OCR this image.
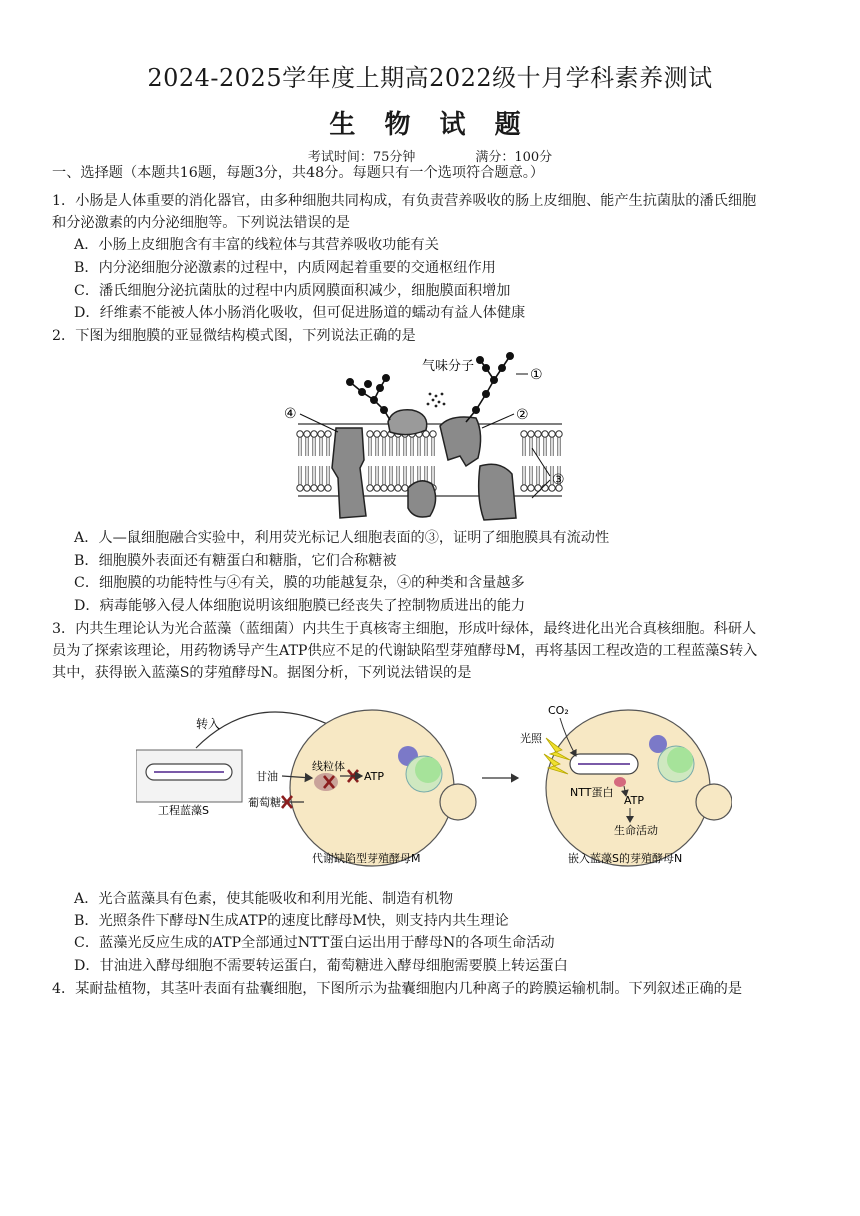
2024-2025学年度上期高2022级十月学科素养测试
生 物 试 题
考试时间：75分钟	满分：100分
一、选择题（本题共16题，每题3分，共48分。每题只有一个选项符合题意。）
1．小肠是人体重要的消化器官，由多种细胞共同构成，有负责营养吸收的肠上皮细胞、能产生抗菌肽的潘氏细胞
和分泌激素的内分泌细胞等。下列说法错误的是
A．小肠上皮细胞含有丰富的线粒体与其营养吸收功能有关
B．内分泌细胞分泌激素的过程中，内质网起着重要的交通枢纽作用
C．潘氏细胞分泌抗菌肽的过程中内质网膜面积减少，细胞膜面积增加
D．纤维素不能被人体小肠消化吸收，但可促进肠道的蠕动有益人体健康
2．下图为细胞膜的亚显微结构模式图，下列说法正确的是
气味分子
①
②
③
④
A．人—鼠细胞融合实验中，利用荧光标记人细胞表面的③，证明了细胞膜具有流动性
B．细胞膜外表面还有糖蛋白和糖脂，它们合称糖被
C．细胞膜的功能特性与④有关，膜的功能越复杂，④的种类和含量越多
D．病毒能够入侵人体细胞说明该细胞膜已经丧失了控制物质进出的能力
3．内共生理论认为光合蓝藻（蓝细菌）内共生于真核寄主细胞，形成叶绿体，最终进化出光合真核细胞。科研人
员为了探索该理论，用药物诱导产生ATP供应不足的代谢缺陷型芽殖酵母M，再将基因工程改造的工程蓝藻S转入
其中，获得嵌入蓝藻S的芽殖酵母N。据图分析，下列说法错误的是
工程蓝藻S
转入
线粒体
甘油
葡萄糖
ATP
代谢缺陷型芽殖酵母M
CO₂
光照
NTT蛋白
ATP
生命活动
嵌入蓝藻S的芽殖酵母N
A．光合蓝藻具有色素，使其能吸收和利用光能、制造有机物
B．光照条件下酵母N生成ATP的速度比酵母M快，则支持内共生理论
C．蓝藻光反应生成的ATP全部通过NTT蛋白运出用于酵母N的各项生命活动
D．甘油进入酵母细胞不需要转运蛋白，葡萄糖进入酵母细胞需要膜上转运蛋白
4．某耐盐植物，其茎叶表面有盐囊细胞，下图所示为盐囊细胞内几种离子的跨膜运输机制。下列叙述正确的是
